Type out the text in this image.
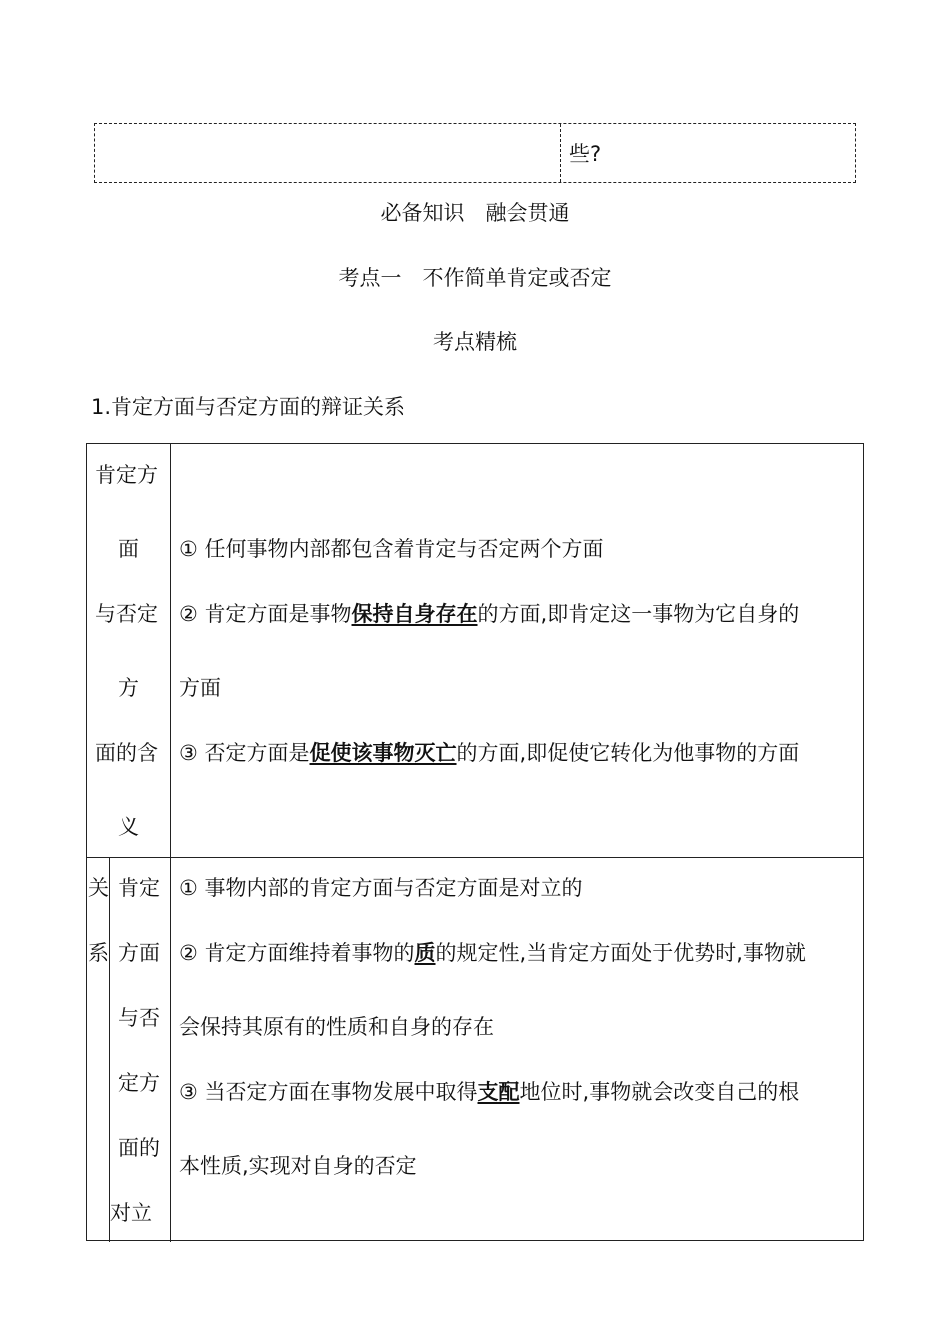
些?
必备知识　融会贯通
考点一　不作简单肯定或否定
考点精梳
1.肯定方面与否定方面的辩证关系
肯定方
面
与否定
方
面的含
义
① 任何事物内部都包含着肯定与否定两个方面
② 肯定方面是事物保持自身存在的方面,即肯定这一事物为它自身的
方面
③ 否定方面是促使该事物灭亡的方面,即促使它转化为他事物的方面
关
系
肯定
方面
与否
定方
面的
对立
① 事物内部的肯定方面与否定方面是对立的
② 肯定方面维持着事物的质的规定性,当肯定方面处于优势时,事物就
会保持其原有的性质和自身的存在
③ 当否定方面在事物发展中取得支配地位时,事物就会改变自己的根
本性质,实现对自身的否定
